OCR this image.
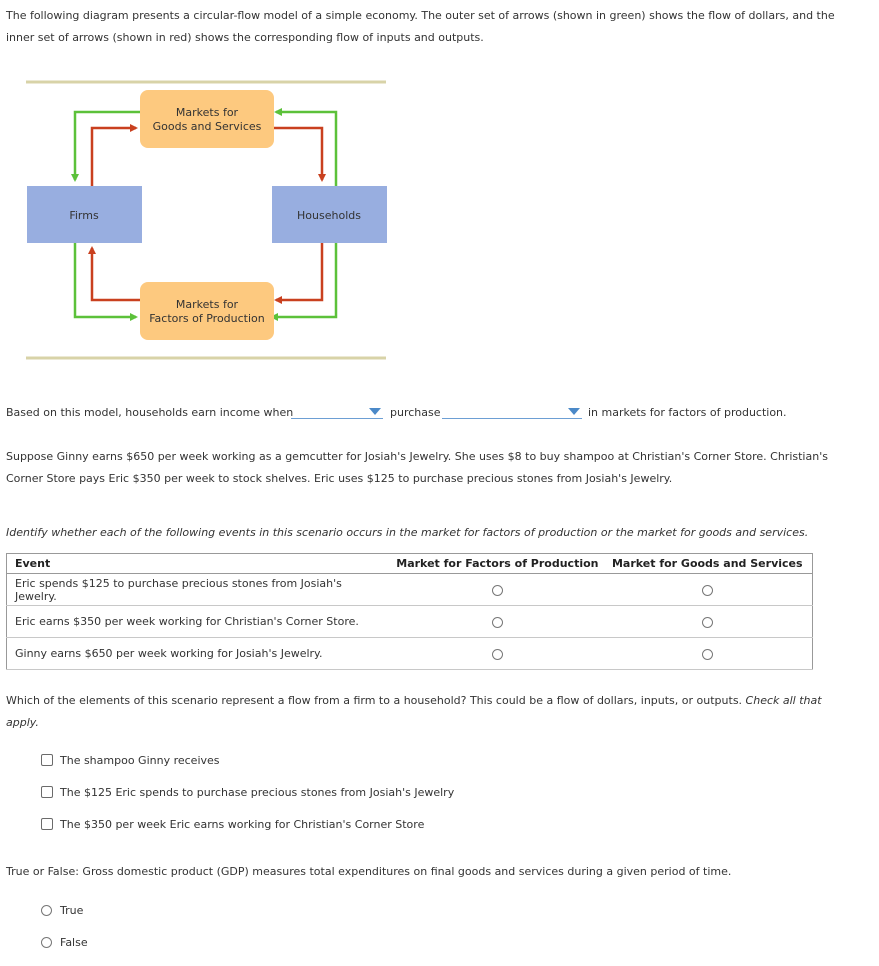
The following diagram presents a circular-flow model of a simple economy. The outer set of arrows (shown in green) shows the flow of dollars, and the
inner set of arrows (shown in red) shows the corresponding flow of inputs and outputs.
Markets for
Goods and Services
Firms	Households
Markets for
Factors of Production
Based on this model, households earn income when	purchase	in markets for factors of production.
Suppose Ginny earns $650 per week working as a gemcutter for Josiah's Jewelry. She uses $8 to buy shampoo at Christian's Corner Store. Christian's
Corner Store pays Eric $350 per week to stock shelves. Eric uses $125 to purchase precious stones from Josiah's Jewelry.
Identify whether each of the following events in this scenario occurs in the market for factors of production or the market for goods and services.
Event	Market for Factors of Production	Market for Goods and Services
Eric spends $125 to purchase precious stones from Josiah's Jewelry.		
Eric earns $350 per week working for Christian's Corner Store.		
Ginny earns $650 per week working for Josiah's Jewelry.		
Which of the elements of this scenario represent a flow from a firm to a household? This could be a flow of dollars, inputs, or outputs. Check all that
apply.
The shampoo Ginny receives
The $125 Eric spends to purchase precious stones from Josiah's Jewelry
The $350 per week Eric earns working for Christian's Corner Store
True or False: Gross domestic product (GDP) measures total expenditures on final goods and services during a given period of time.
True
False
